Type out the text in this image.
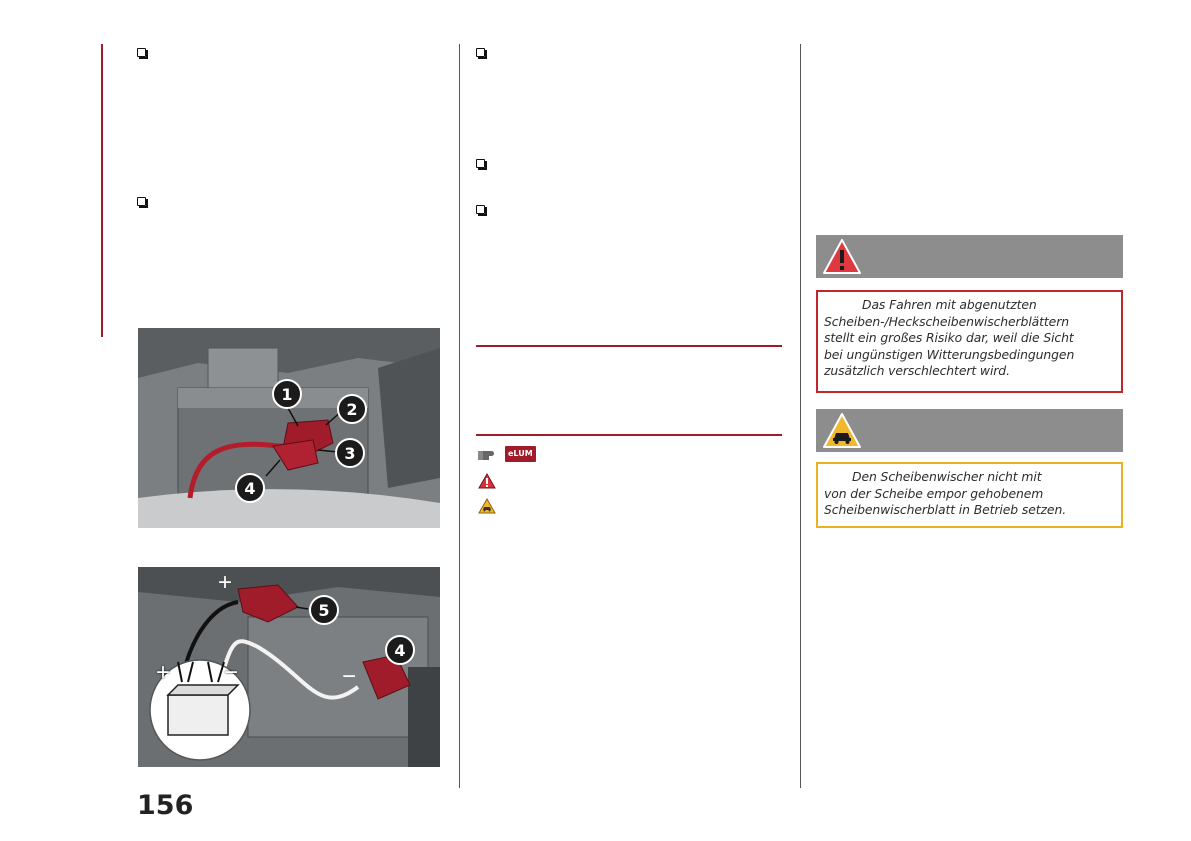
1
2
3
4
+
+ −	−
5
4
eLUM

Das Fahren mit abgenutzten

Scheiben-/Heckscheibenwischerblättern

stellt ein großes Risiko dar, weil die Sicht

bei ungünstigen Witterungsbedingungen

zusätzlich verschlechtert wird.

Den Scheibenwischer nicht mit

von der Scheibe empor gehobenem

Scheibenwischerblatt in Betrieb setzen.

156
